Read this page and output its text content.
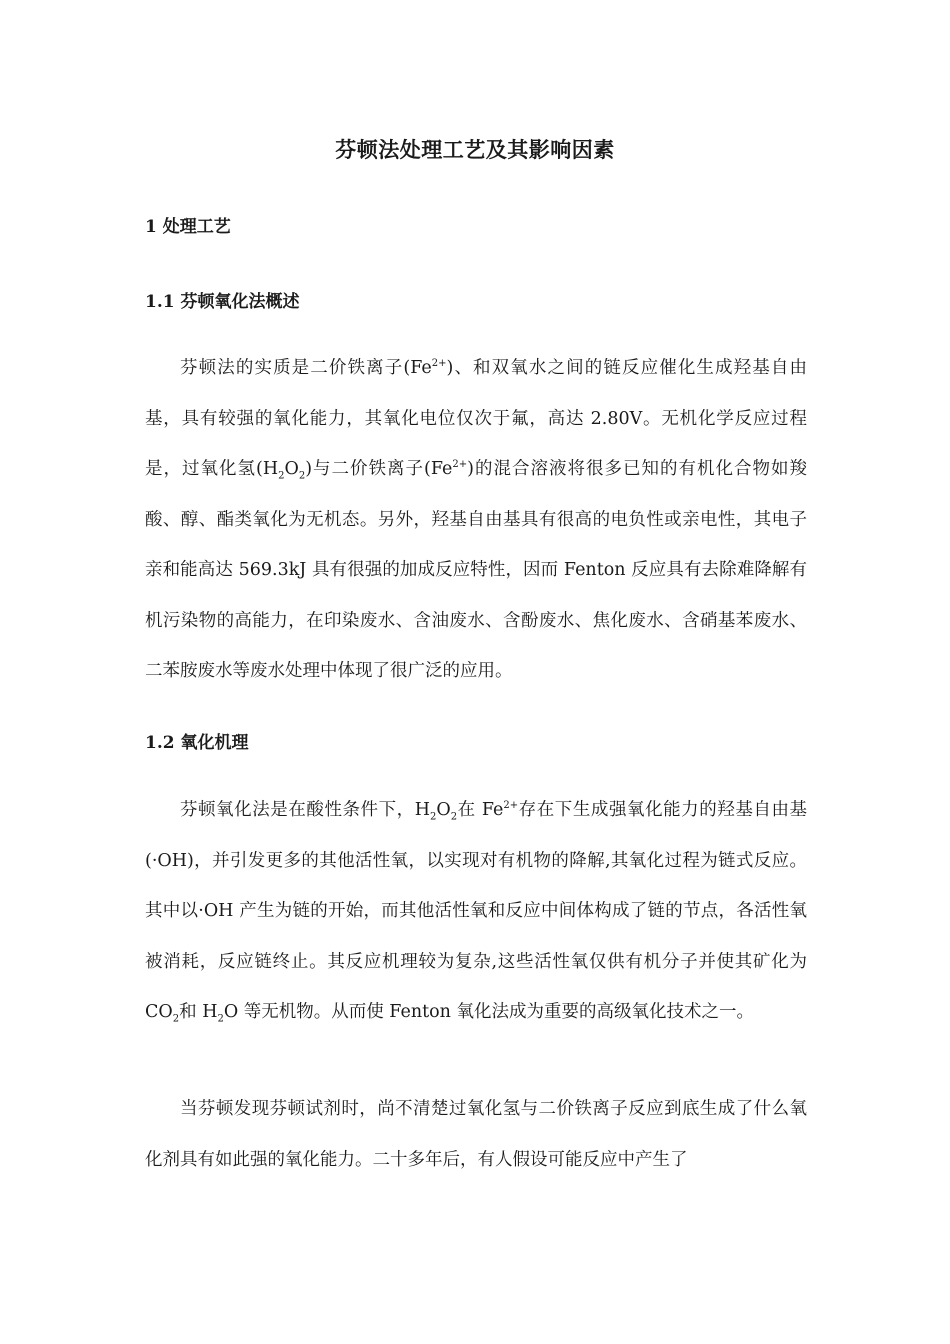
芬顿法处理工艺及其影响因素
1 处理工艺
1.1 芬顿氧化法概述

芬顿法的实质是二价铁离子$(Fe^{2+})$、和双氧水之间的链反应催化生成羟基自由基，具有较强的氧化能力，其氧化电位仅次于氟，高达 2.80V。无机化学反应过程是，过氧化氢$(H_2O_2)$与二价铁离子$(Fe^{2+})$的混合溶液将很多已知的有机化合物如羧酸、醇、酯类氧化为无机态。另外，羟基自由基具有很高的电负性或亲电性，其电子亲和能高达 569.3kJ 具有很强的加成反应特性，因而 Fenton 反应具有去除难降解有机污染物的高能力，在印染废水、含油废水、含酚废水、焦化废水、含硝基苯废水、二苯胺废水等废水处理中体现了很广泛的应用。

1.2 氧化机理

芬顿氧化法是在酸性条件下，$H_2O_2$在 $Fe^{2+}$存在下生成强氧化能力的羟基自由基(·OH)，并引发更多的其他活性氧，以实现对有机物的降解,其氧化过程为链式反应。其中以·OH 产生为链的开始，而其他活性氧和反应中间体构成了链的节点，各活性氧被消耗，反应链终止。其反应机理较为复杂,这些活性氧仅供有机分子并使其矿化为 $CO_2$和 $H_2O$ 等无机物。从而使 Fenton 氧化法成为重要的高级氧化技术之一。

当芬顿发现芬顿试剂时，尚不清楚过氧化氢与二价铁离子反应到底生成了什么氧化剂具有如此强的氧化能力。二十多年后，有人假设可能反应中产生了
